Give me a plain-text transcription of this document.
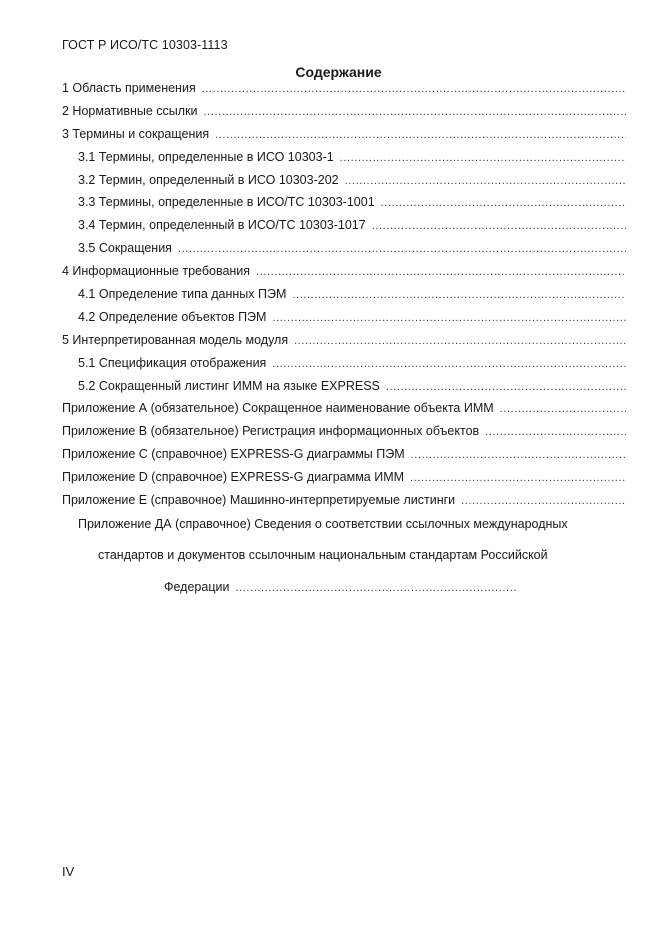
ГОСТ Р ИСО/ТС 10303-1113
Содержание
1 Область применения
.....
2 Нормативные ссылки
.....
3 Термины и сокращения
.....
3.1 Термины, определенные в ИСО 10303-1
.....
3.2 Термин, определенный в ИСО 10303-202
.....
3.3 Термины, определенные в ИСО/ТС 10303-1001
.....
3.4 Термин, определенный в ИСО/ТС 10303-1017
.....
3.5 Сокращения
.....
4 Информационные требования
.....
4.1 Определение типа данных ПЭМ
.....
4.2 Определение объектов ПЭМ
.....
5 Интерпретированная модель модуля
.....
5.1 Спецификация отображения
.....
5.2 Сокращенный листинг ИММ на языке EXPRESS
.....
Приложение А (обязательное) Сокращенное наименование объекта ИММ
.....
Приложение В (обязательное) Регистрация информационных объектов
.....
Приложение С (справочное) EXPRESS-G диаграммы ПЭМ
.....
Приложение D (справочное) EXPRESS-G диаграмма ИММ
.....
Приложение Е (справочное) Машинно-интерпретируемые листинги
.....
Приложение ДА (справочное) Сведения о соответствии ссылочных международных
стандартов и документов ссылочным национальным стандартам Российской
Федерации
.....
IV
